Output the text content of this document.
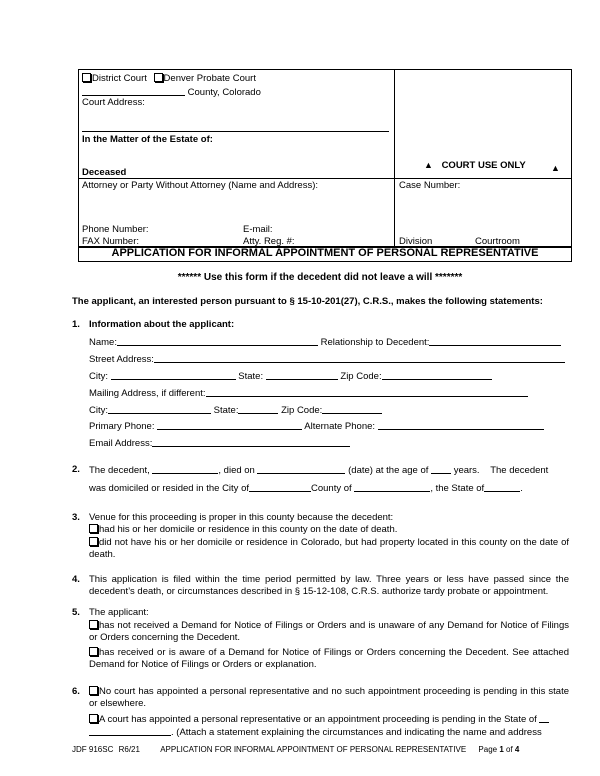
District Court Denver Probate Court
County, Colorado
Court Address:
In the Matter of the Estate of:
Deceased
▲ COURT USE ONLY	▲
Attorney or Party Without Attorney (Name and Address):	Case Number:
Phone Number:	E-mail:
FAX Number:	Atty. Reg. #:	Division	Courtroom
APPLICATION FOR INFORMAL APPOINTMENT OF PERSONAL REPRESENTATIVE
****** Use this form if the decedent did not leave a will *******
The applicant, an interested person pursuant to § 15-10-201(27), C.R.S., makes the following statements:
1. Information about the applicant:
Name:	Relationship to Decedent:
Street Address:
City:	State:	Zip Code:
Mailing Address, if different:
City:	State:	Zip Code:
Primary Phone:	Alternate Phone:
Email Address:
2. The decedent,	, died on	(date) at the age of	years. The decedent
was domiciled or resided in the City of	County of	, the State of	.
3. Venue for this proceeding is proper in this county because the decedent:
had his or her domicile or residence in this county on the date of death.
did not have his or her domicile or residence in Colorado, but had property located in this county on the date of death.
4. This application is filed within the time period permitted by law. Three years or less have passed since the decedent’s death, or circumstances described in § 15-12-108, C.R.S. authorize tardy probate or appointment.
5. The applicant:
has not received a Demand for Notice of Filings or Orders and is unaware of any Demand for Notice of Filings or Orders concerning the Decedent.
has received or is aware of a Demand for Notice of Filings or Orders concerning the Decedent. See attached Demand for Notice of Filings or Orders or explanation.
6.	No court has appointed a personal representative and no such appointment proceeding is pending in this state or elsewhere.
A court has appointed a personal representative or an appointment proceeding is pending in the State of
. (Attach a statement explaining the circumstances and indicating the name and address
JDF 916SC R6/21	APPLICATION FOR INFORMAL APPOINTMENT OF PERSONAL REPRESENTATIVE Page 1 of 4
